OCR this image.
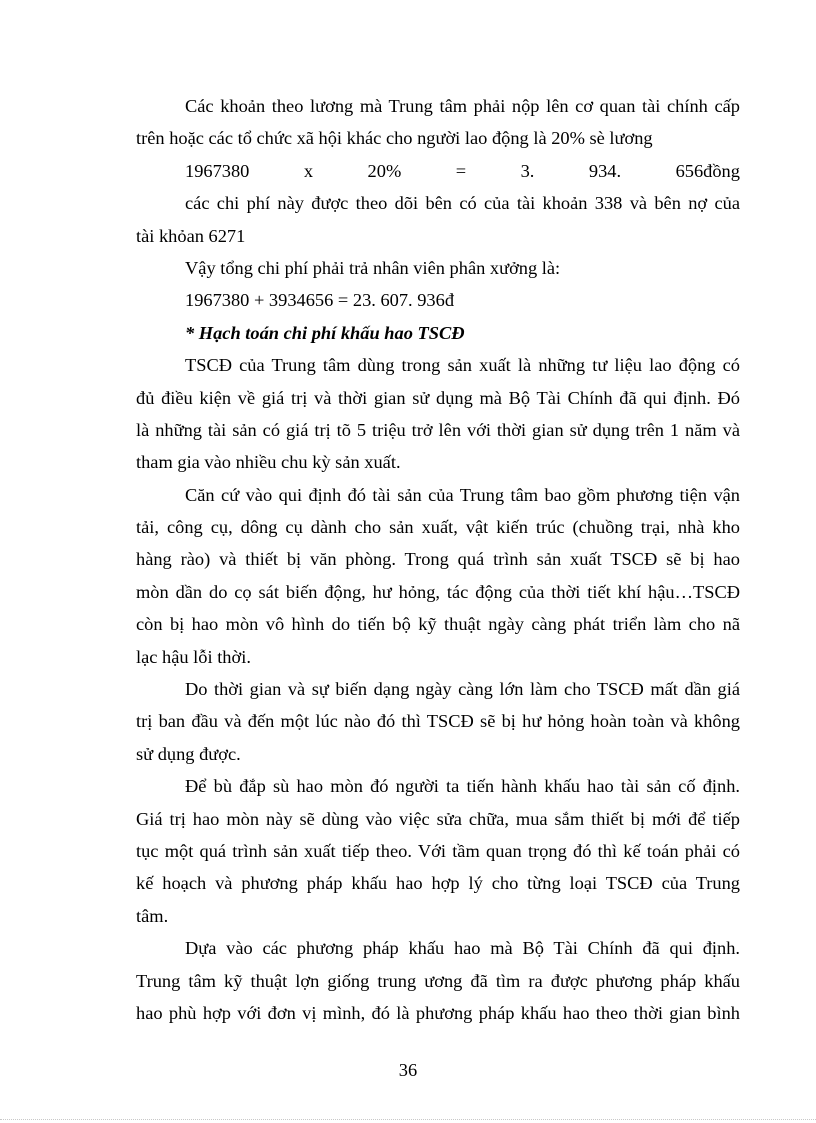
Các khoản theo lương mà Trung tâm phải nộp lên cơ quan tài chính cấp
trên hoặc các tổ chức xã hội khác cho người lao động là 20% sè lương
1967380	x	20%	=	3.	934.	656đồng
các chi phí này được theo dõi bên có của tài khoản 338 và bên nợ của
tài khỏan 6271
Vậy tổng chi phí phải trả nhân viên phân xưởng là:
1967380 + 3934656 = 23. 607. 936đ
* Hạch toán chi phí khấu hao TSCĐ
TSCĐ của Trung tâm dùng trong sản xuất là những tư liệu lao động có
đủ điều kiện về giá trị và thời gian sử dụng mà Bộ Tài Chính đã qui định. Đó
là những tài sản có giá trị tõ 5 triệu trở lên với thời gian sử dụng trên 1 năm và
tham gia vào nhiều chu kỳ sản xuất.
Căn cứ vào qui định đó tài sản của Trung tâm bao gồm phương tiện vận
tải, công cụ, dông cụ dành cho sản xuất, vật kiến trúc (chuồng trại, nhà kho
hàng rào) và thiết bị văn phòng. Trong quá trình sản xuất TSCĐ sẽ bị hao
mòn dần do cọ sát biến động, hư hỏng, tác động của thời tiết khí hậu…TSCĐ
còn bị hao mòn vô hình do tiến bộ kỹ thuật ngày càng phát triển làm cho nã
lạc hậu lỗi thời.
Do thời gian và sự biến dạng ngày càng lớn làm cho TSCĐ mất dần giá
trị ban đầu và đến một lúc nào đó thì TSCĐ sẽ bị hư hỏng hoàn toàn và không
sử dụng được.
Để bù đắp sù hao mòn đó người ta tiến hành khấu hao tài sản cố định.
Giá trị hao mòn này sẽ dùng vào việc sửa chữa, mua sắm thiết bị mới để tiếp
tục một quá trình sản xuất tiếp theo. Với tầm quan trọng đó thì kế toán phải có
kế hoạch và phương pháp khấu hao hợp lý cho từng loại TSCĐ của Trung
tâm.
Dựa vào các phương pháp khấu hao mà Bộ Tài Chính đã qui định.
Trung tâm kỹ thuật lợn giống trung ương đã tìm ra được phương pháp khấu
hao phù hợp với đơn vị mình, đó là phương pháp khấu hao theo thời gian bình
36
